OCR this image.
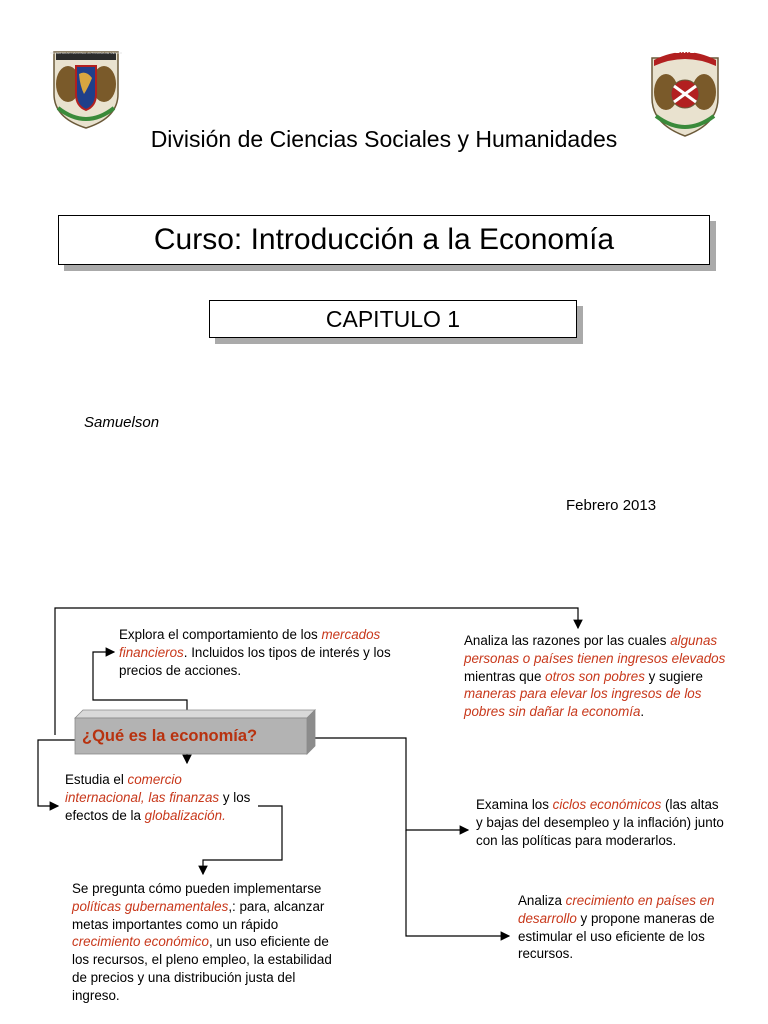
UNIVERSIDAD NACIONAL AUTÓNOMA DE MÉXICO	INGENIERIA
División de Ciencias Sociales y Humanidades
Curso: Introducción a la Economía
CAPITULO 1
Samuelson
Febrero 2013
¿Qué es la economía?
Explora el comportamiento de los mercados financieros. Incluidos los tipos de interés y los precios de acciones.
Estudia el comercio internacional, las finanzas y los efectos de la globalización.
Se pregunta cómo pueden implementarse políticas gubernamentales,: para, alcanzar metas importantes como un rápido crecimiento económico, un uso eficiente de los recursos, el pleno empleo, la estabilidad de precios y una distribución justa del ingreso.
Analiza las razones por las cuales algunas personas o países tienen ingresos elevados mientras que otros son pobres y sugiere maneras para elevar los ingresos de los pobres sin dañar la economía.
Examina los ciclos económicos (las altas y bajas del desempleo y la inflación) junto con las políticas para moderarlos.
Analiza crecimiento en países en desarrollo y propone maneras de estimular el uso eficiente de los recursos.
